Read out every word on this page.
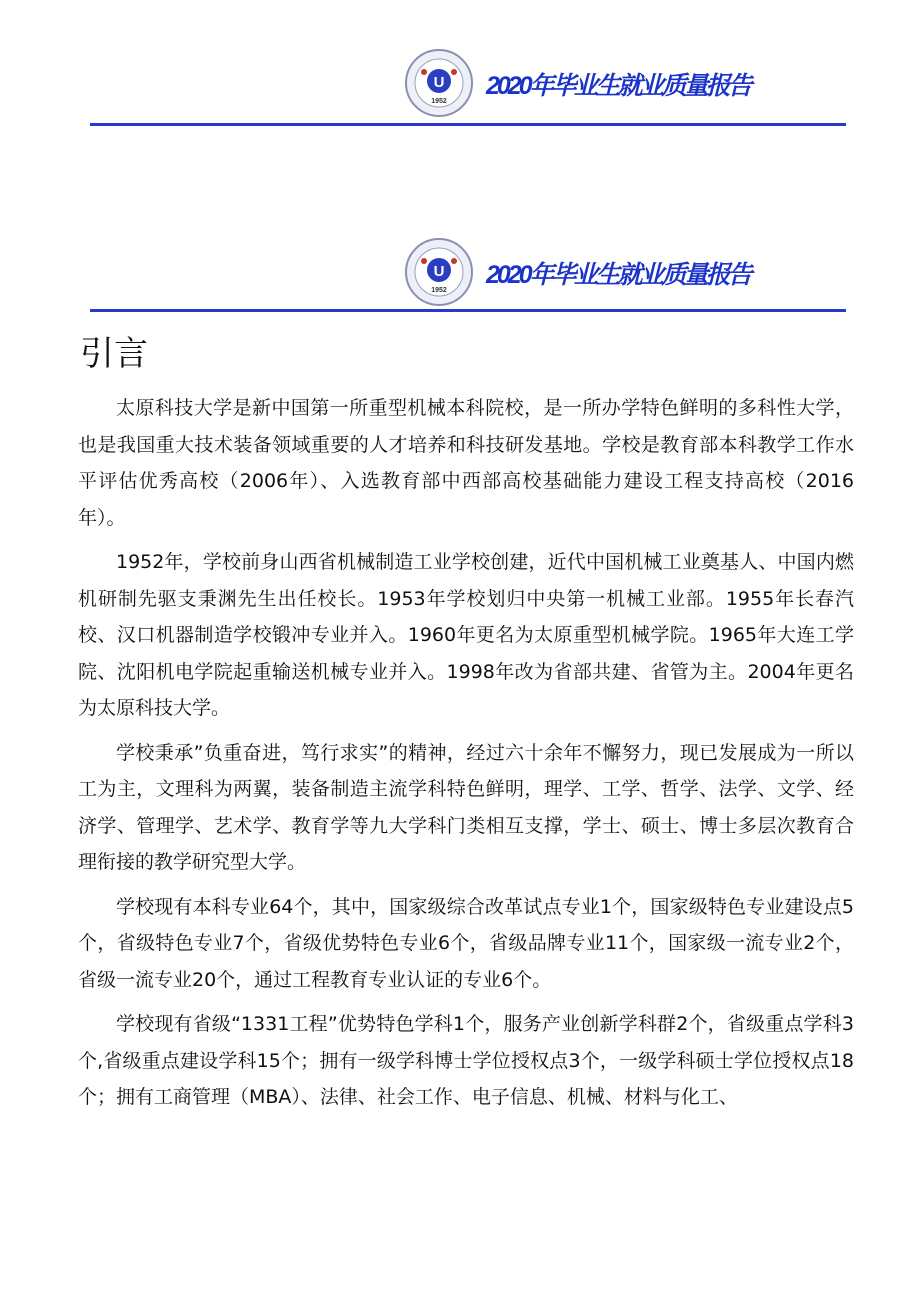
U
1952
2020年毕业生就业质量报告
U
1952
2020年毕业生就业质量报告
引言

太原科技大学是新中国第一所重型机械本科院校，是一所办学特色鲜明的多科性大学，也是我国重大技术装备领域重要的人才培养和科技研发基地。学校是教育部本科教学工作水平评估优秀高校（2006年）、入选教育部中西部高校基础能力建设工程支持高校（2016年）。

1952年，学校前身山西省机械制造工业学校创建，近代中国机械工业奠基人、中国内燃机研制先驱支秉渊先生出任校长。1953年学校划归中央第一机械工业部。1955年长春汽校、汉口机器制造学校锻冲专业并入。1960年更名为太原重型机械学院。1965年大连工学院、沈阳机电学院起重输送机械专业并入。1998年改为省部共建、省管为主。2004年更名为太原科技大学。

学校秉承”负重奋进，笃行求实”的精神，经过六十余年不懈努力，现已发展成为一所以工为主，文理科为两翼，装备制造主流学科特色鲜明，理学、工学、哲学、法学、文学、经济学、管理学、艺术学、教育学等九大学科门类相互支撑，学士、硕士、博士多层次教育合理衔接的教学研究型大学。

学校现有本科专业64个，其中，国家级综合改革试点专业1个，国家级特色专业建设点5个，省级特色专业7个，省级优势特色专业6个，省级品牌专业11个，国家级一流专业2个，省级一流专业20个，通过工程教育专业认证的专业6个。

学校现有省级“1331工程”优势特色学科1个，服务产业创新学科群2个，省级重点学科3个,省级重点建设学科15个；拥有一级学科博士学位授权点3个，一级学科硕士学位授权点18个；拥有工商管理（MBA）、法律、社会工作、电子信息、机械、材料与化工、
